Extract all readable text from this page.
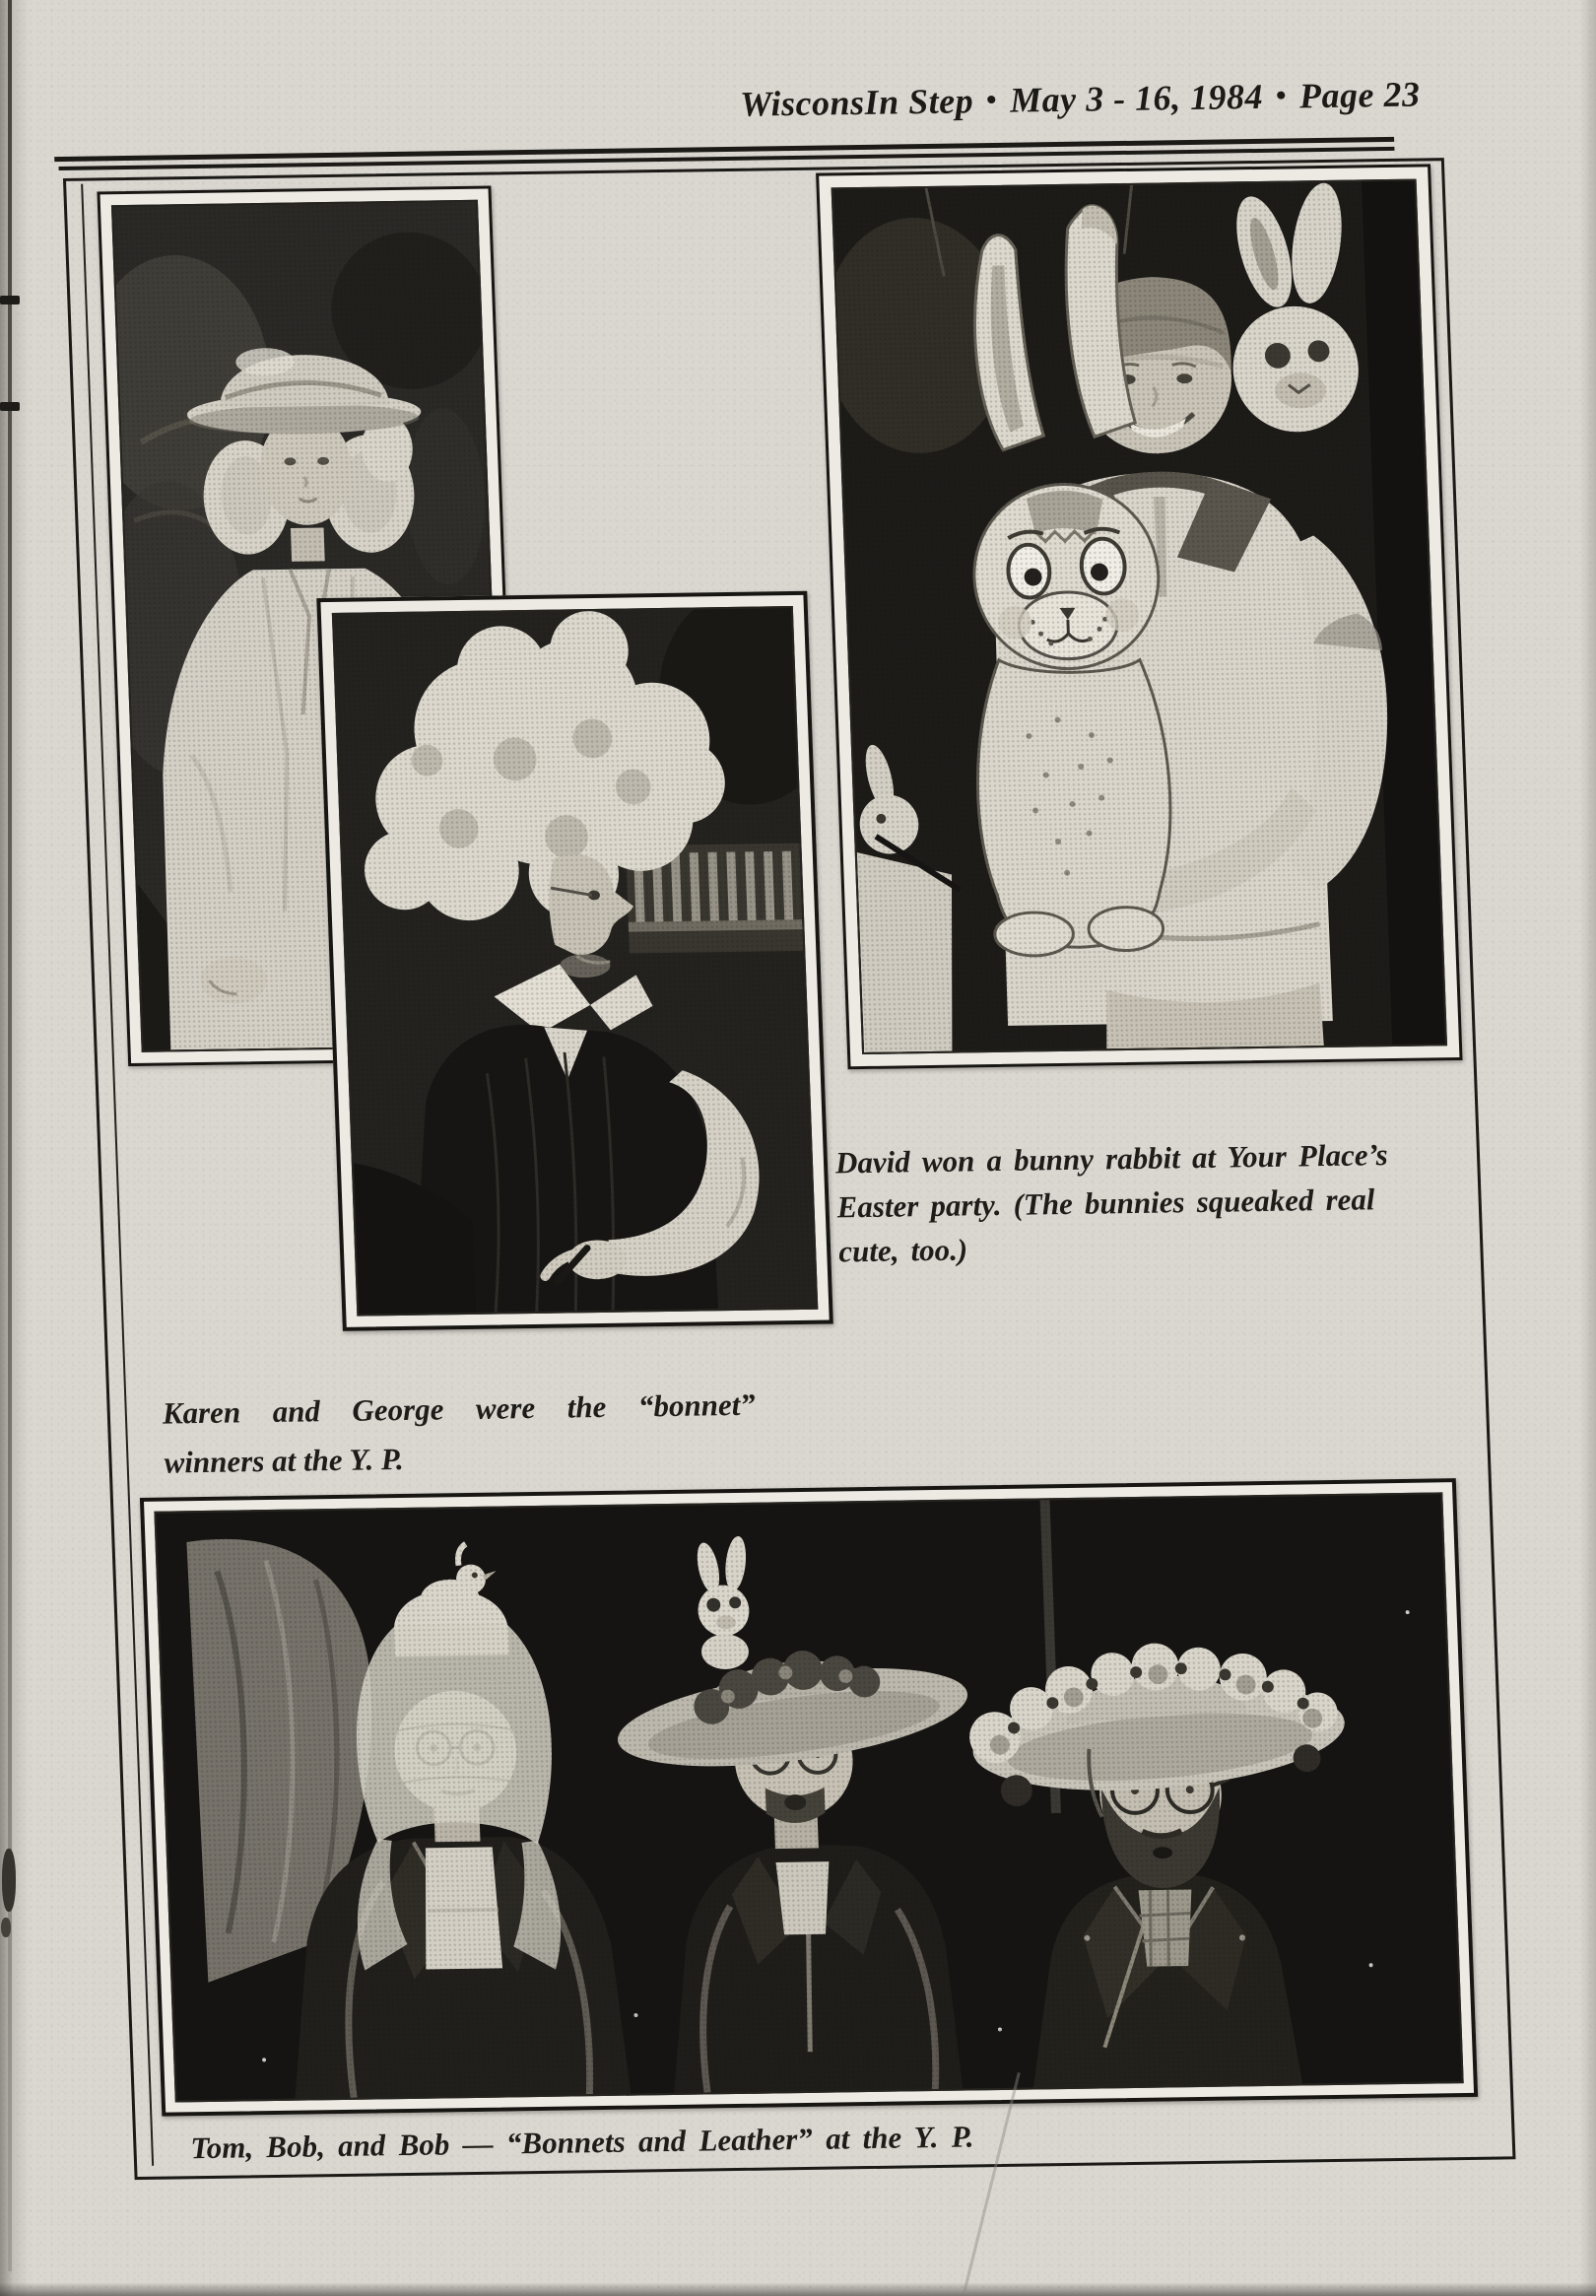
WisconsIn Step • May 3 - 16, 1984 • Page 23
David won a bunny rabbit at Your Place’s
Easter party. (The bunnies squeaked real
cute, too.)
Karen and George were the “bonnet”
winners at the Y. P.
Tom, Bob, and Bob — “Bonnets and Leather” at the Y. P.
